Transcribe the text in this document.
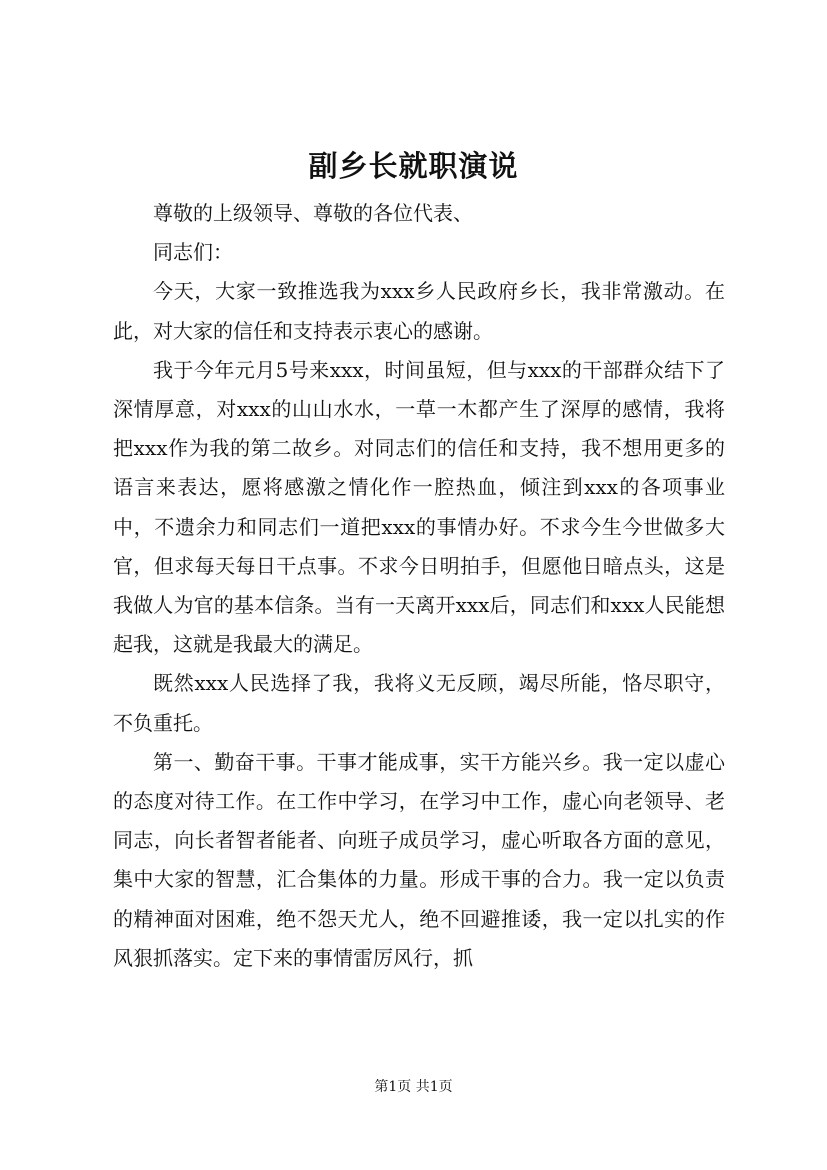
副乡长就职演说

尊敬的上级领导、尊敬的各位代表、

同志们：

今天，大家一致推选我为xxx乡人民政府乡长，我非常激动。在此，对大家的信任和支持表示衷心的感谢。

我于今年元月5号来xxx，时间虽短，但与xxx的干部群众结下了深情厚意，对xxx的山山水水，一草一木都产生了深厚的感情，我将把xxx作为我的第二故乡。对同志们的信任和支持，我不想用更多的语言来表达，愿将感激之情化作一腔热血，倾注到xxx的各项事业中，不遗余力和同志们一道把xxx的事情办好。不求今生今世做多大官，但求每天每日干点事。不求今日明拍手，但愿他日暗点头，这是我做人为官的基本信条。当有一天离开xxx后，同志们和xxx人民能想起我，这就是我最大的满足。

既然xxx人民选择了我，我将义无反顾，竭尽所能，恪尽职守，不负重托。

第一、勤奋干事。干事才能成事，实干方能兴乡。我一定以虚心的态度对待工作。在工作中学习，在学习中工作，虚心向老领导、老同志，向长者智者能者、向班子成员学习，虚心听取各方面的意见，集中大家的智慧，汇合集体的力量。形成干事的合力。我一定以负责的精神面对困难，绝不怨天尤人，绝不回避推诿，我一定以扎实的作风狠抓落实。定下来的事情雷厉风行，抓

第1页 共1页
